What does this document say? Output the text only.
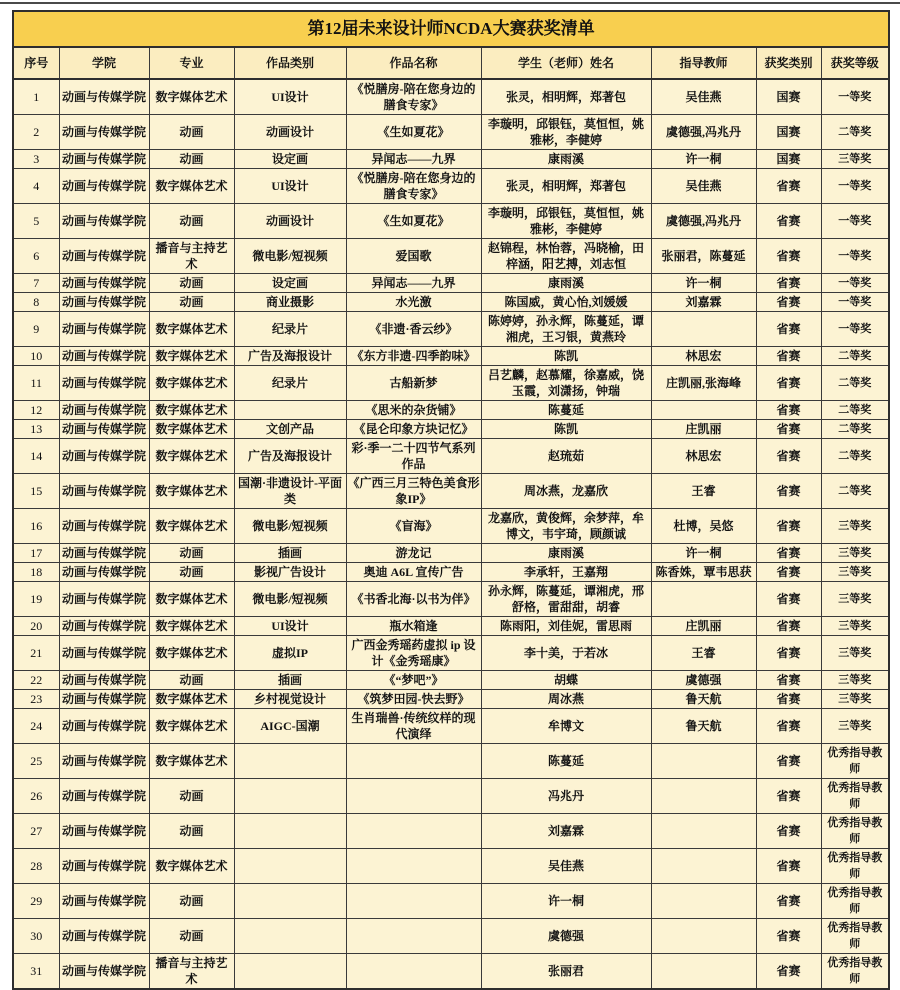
第12届未来设计师NCDA大赛获奖清单								
序号	学院	专业	作品类别	作品名称	学生（老师）姓名	指导教师	获奖类别	获奖等级
1	动画与传媒学院	数字媒体艺术	UI设计	《悦膳房-陪在您身边的膳食专家》	张灵，相明辉，郑著包	吴佳燕	国赛	一等奖
2	动画与传媒学院	动画	动画设计	《生如夏花》	李璇明，邱银钰，莫恒恒，姚雅彬，李健婷	虞德强,冯兆丹	国赛	二等奖
3	动画与传媒学院	动画	设定画	异闻志——九界	康雨溪	许一桐	国赛	三等奖
4	动画与传媒学院	数字媒体艺术	UI设计	《悦膳房-陪在您身边的膳食专家》	张灵，相明辉，郑著包	吴佳燕	省赛	一等奖
5	动画与传媒学院	动画	动画设计	《生如夏花》	李璇明，邱银钰，莫恒恒，姚雅彬，李健婷	虞德强,冯兆丹	省赛	一等奖
6	动画与传媒学院	播音与主持艺术	微电影/短视频	爱国歌	赵锦程，林怡蓉，冯晓榆，田梓涵，阳艺搏，刘志恒	张丽君，陈蔓延	省赛	一等奖
7	动画与传媒学院	动画	设定画	异闻志——九界	康雨溪	许一桐	省赛	一等奖
8	动画与传媒学院	动画	商业摄影	水光激	陈国威，黄心怡,刘媛媛	刘嘉霖	省赛	一等奖
9	动画与传媒学院	数字媒体艺术	纪录片	《非遗·香云纱》	陈婷婷，孙永辉，陈蔓延，谭湘虎，王习银，黄燕玲		省赛	一等奖
10	动画与传媒学院	数字媒体艺术	广告及海报设计	《东方非遗-四季韵味》	陈凯	林思宏	省赛	二等奖
11	动画与传媒学院	数字媒体艺术	纪录片	古船新梦	吕艺麟，赵慕耀，徐嘉威，饶玉霞，刘潇扬，钟瑞	庄凯丽,张海峰	省赛	二等奖
12	动画与传媒学院	数字媒体艺术		《思米的杂货铺》	陈蔓延		省赛	二等奖
13	动画与传媒学院	数字媒体艺术	文创产品	《昆仑印象方块记忆》	陈凯	庄凯丽	省赛	二等奖
14	动画与传媒学院	数字媒体艺术	广告及海报设计	彩·季一二十四节气系列作品	赵琉茹	林思宏	省赛	二等奖
15	动画与传媒学院	数字媒体艺术	国潮·非遗设计-平面类	《广西三月三特色美食形象IP》	周冰燕，龙嘉欣	王睿	省赛	二等奖
16	动画与传媒学院	数字媒体艺术	微电影/短视频	《盲海》	龙嘉欣，黄俊辉，余梦萍，牟博文，韦宇琦，顾颜诚	杜博，吴悠	省赛	三等奖
17	动画与传媒学院	动画	插画	游龙记	康雨溪	许一桐	省赛	三等奖
18	动画与传媒学院	动画	影视广告设计	奥迪 A6L 宣传广告	李承轩，王嘉翔	陈香姝，覃韦思获	省赛	三等奖
19	动画与传媒学院	数字媒体艺术	微电影/短视频	《书香北海·以书为伴》	孙永辉，陈蔓延，谭湘虎，邢舒格，雷甜甜，胡睿		省赛	三等奖
20	动画与传媒学院	数字媒体艺术	UI设计	瓶水箱逢	陈雨阳，刘佳妮，雷思雨	庄凯丽	省赛	三等奖
21	动画与传媒学院	数字媒体艺术	虚拟IP	广西金秀瑶药虚拟 ip 设计《金秀瑶康》	李十美，于若冰	王睿	省赛	三等奖
22	动画与传媒学院	动画	插画	《“梦吧”》	胡蝶	虞德强	省赛	三等奖
23	动画与传媒学院	数字媒体艺术	乡村视觉设计	《筑梦田园-快去野》	周冰燕	鲁天航	省赛	三等奖
24	动画与传媒学院	数字媒体艺术	AIGC-国潮	生肖瑞兽·传统纹样的现代演绎	牟博文	鲁天航	省赛	三等奖
25	动画与传媒学院	数字媒体艺术			陈蔓延		省赛	优秀指导教师
26	动画与传媒学院	动画			冯兆丹		省赛	优秀指导教师
27	动画与传媒学院	动画			刘嘉霖		省赛	优秀指导教师
28	动画与传媒学院	数字媒体艺术			吴佳燕		省赛	优秀指导教师
29	动画与传媒学院	动画			许一桐		省赛	优秀指导教师
30	动画与传媒学院	动画			虞德强		省赛	优秀指导教师
31	动画与传媒学院	播音与主持艺术			张丽君		省赛	优秀指导教师
